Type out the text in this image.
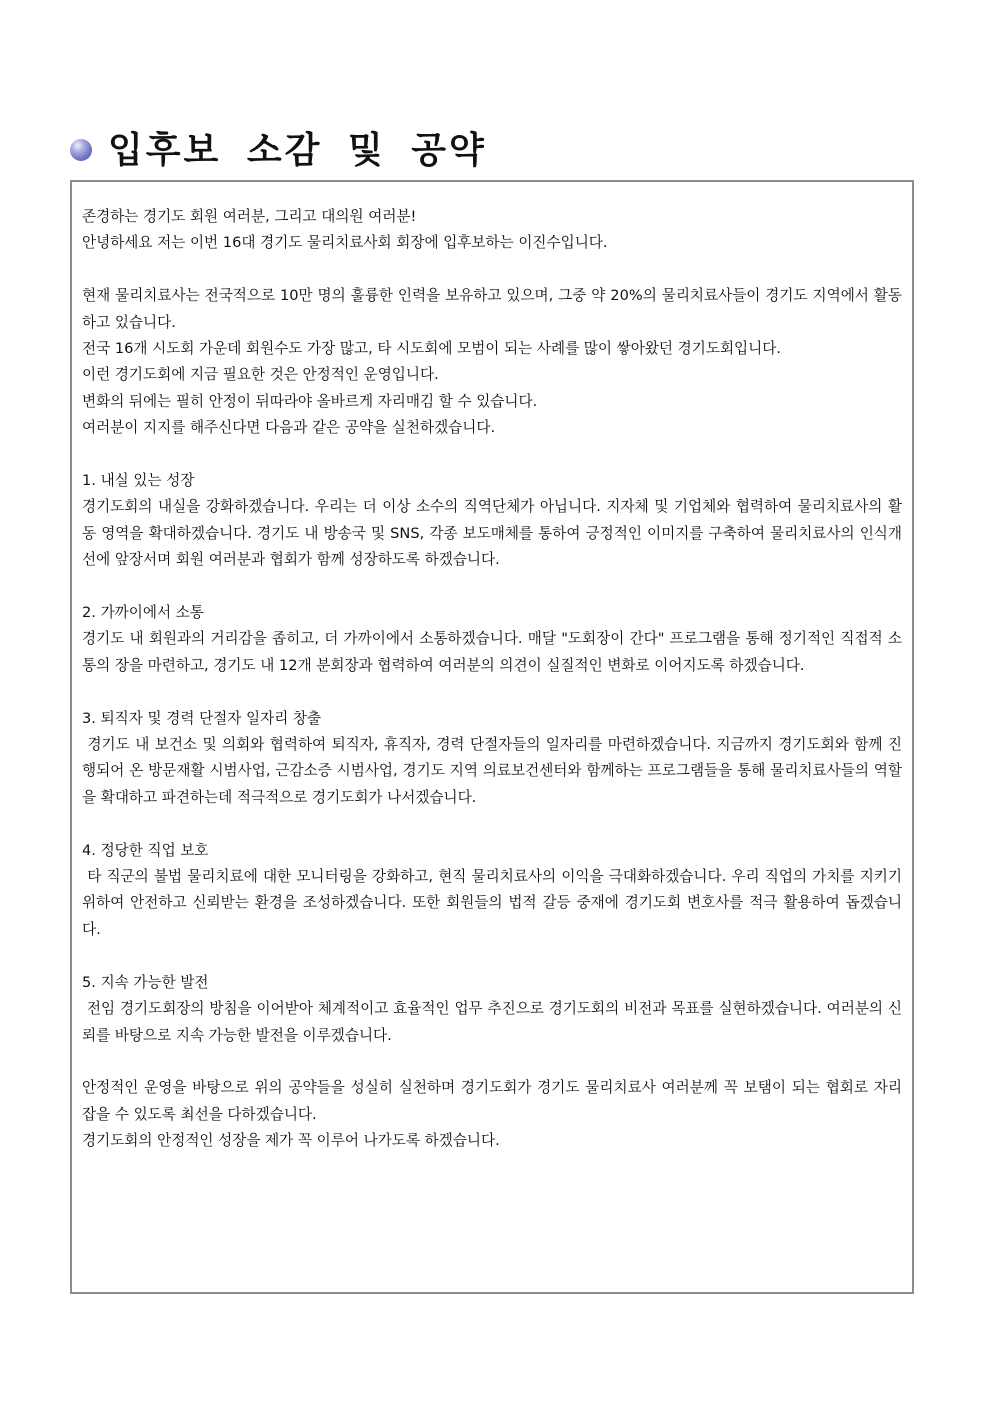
입후보 소감 및 공약

존경하는 경기도 회원 여러분, 그리고 대의원 여러분!

안녕하세요 저는 이번 16대 경기도 물리치료사회 회장에 입후보하는 이진수입니다.

현재 물리치료사는 전국적으로 10만 명의 훌륭한 인력을 보유하고 있으며, 그중 약 20%의 물리치료사들이 경기도 지역에서 활동하고 있습니다.

전국 16개 시도회 가운데 회원수도 가장 많고, 타 시도회에 모범이 되는 사례를 많이 쌓아왔던 경기도회입니다.

이런 경기도회에 지금 필요한 것은 안정적인 운영입니다.

변화의 뒤에는 필히 안정이 뒤따라야 올바르게 자리매김 할 수 있습니다.

여러분이 지지를 해주신다면 다음과 같은 공약을 실천하겠습니다.

1. 내실 있는 성장

경기도회의 내실을 강화하겠습니다. 우리는 더 이상 소수의 직역단체가 아닙니다. 지자체 및 기업체와 협력하여 물리치료사의 활동 영역을 확대하겠습니다. 경기도 내 방송국 및 SNS, 각종 보도매체를 통하여 긍정적인 이미지를 구축하여 물리치료사의 인식개선에 앞장서며 회원 여러분과 협회가 함께 성장하도록 하겠습니다.

2. 가까이에서 소통

경기도 내 회원과의 거리감을 좁히고, 더 가까이에서 소통하겠습니다. 매달 "도회장이 간다" 프로그램을 통해 정기적인 직접적 소통의 장을 마련하고, 경기도 내 12개 분회장과 협력하여 여러분의 의견이 실질적인 변화로 이어지도록 하겠습니다.

3. 퇴직자 및 경력 단절자 일자리 창출

경기도 내 보건소 및 의회와 협력하여 퇴직자, 휴직자, 경력 단절자들의 일자리를 마련하겠습니다. 지금까지 경기도회와 함께 진행되어 온 방문재활 시범사업, 근감소증 시범사업, 경기도 지역 의료보건센터와 함께하는 프로그램들을 통해 물리치료사들의 역할을 확대하고 파견하는데 적극적으로 경기도회가 나서겠습니다.

4. 정당한 직업 보호

타 직군의 불법 물리치료에 대한 모니터링을 강화하고, 현직 물리치료사의 이익을 극대화하겠습니다. 우리 직업의 가치를 지키기 위하여 안전하고 신뢰받는 환경을 조성하겠습니다. 또한 회원들의 법적 갈등 중재에 경기도회 변호사를 적극 활용하여 돕겠습니다.

5. 지속 가능한 발전

전임 경기도회장의 방침을 이어받아 체계적이고 효율적인 업무 추진으로 경기도회의 비전과 목표를 실현하겠습니다. 여러분의 신뢰를 바탕으로 지속 가능한 발전을 이루겠습니다.

안정적인 운영을 바탕으로 위의 공약들을 성실히 실천하며 경기도회가 경기도 물리치료사 여러분께 꼭 보탬이 되는 협회로 자리 잡을 수 있도록 최선을 다하겠습니다.

경기도회의 안정적인 성장을 제가 꼭 이루어 나가도록 하겠습니다.
